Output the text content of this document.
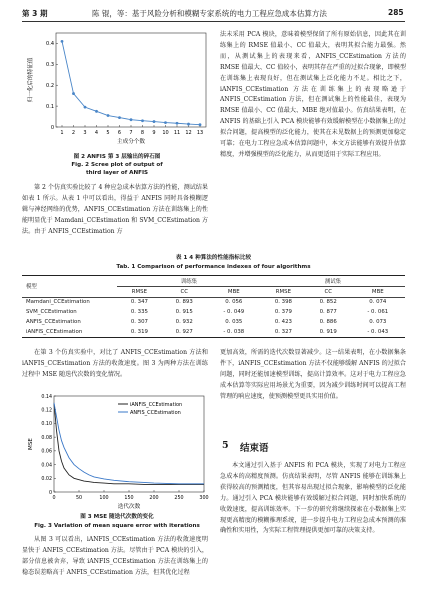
第 3 期	陈 锟，等：基于风险分析和模糊专家系统的电力工程应急成本估算方法	285
0
0.1
0.2
0.3
0.4
1 2 3 4 5 6 7 8 9 10 11 12 13
主成分个数
归一化后的特征值
图 2 ANFIS 第 3 层输出的碎石图
Fig. 2 Scree plot of output of
third layer of ANFIS
第 2 个仿真实验比较了 4 种应急成本估算方法的性能，测试结果如表 1 所示。从表 1 中可以看出，得益于 ANFIS 同时具备模糊逻辑与神经网络的优势，ANFIS_CCEstimation 方法在训练集上的性能明显优于 Mamdani_CCEstimation 和 SVM_CCEstimation 方法。由于 ANFIS_CCEstimation 方
法未采用 PCA 模块，意味着模型保留了所有原始信息，因此其在训练集上的 RMSE 值最小、CC 值最大，表明其拟合能力最强。然而，从测试集上的表现来看，ANFIS_CCEstimation 方法的 RMSE 值最大、CC 值较小，表明其存在严重的过拟合现象，即模型在训练集上表现良好，但在测试集上泛化能力不足。相比之下，iANFIS_CCEstimation 方法在训练集上的表现略逊于 ANFIS_CCEstimation 方法，但在测试集上的性能最佳，表现为 RMSE 值最小、CC 值最大、MBE 绝对值最小。仿真结果表明，在 ANFIS 的基础上引入 PCA 模块能够有效缓解模型在小数据集上的过拟合问题，提高模型的泛化能力，使其在未见数据上的预测更加稳定可靠；在电力工程应急成本估算问题中，本文方法能够有效提升估算精度，并增强模型的泛化能力，从而更适用于实际工程应用。
表 1 4 种算法的性能指标比较
Tab. 1 Comparison of performance indexes of four algorithms
模型	训练集			测试集		
	RMSE	CC	MBE	RMSE	CC	MBE
Mamdani_CCEstimation	0. 347	0. 893	0. 056	0. 398	0. 852	0. 074
SVM_CCEstimation	0. 335	0. 915	- 0. 049	0. 379	0. 877	- 0. 061
ANFIS_CCEstimation	0. 307	0. 932	0. 035	0. 423	0. 886	0. 073
iANFIS_CCEstimation	0. 319	0. 927	- 0. 038	0. 327	0. 919	- 0. 043
在第 3 个仿真实验中，对比了 ANFIS_CCEstimation 方法和 iANFIS_CCEstimation 方法的收敛速度。图 3 为两种方法在训练过程中 MSE 随迭代次数的变化情况。
0
0.02
0.04
0.06
0.08
0.10
0.12
0.14
0	50	100	150	200	250	300
迭代次数
MSE
iANFIS_CCEstimation
ANFIS_CCEstimation
图 3 MSE 随迭代次数的变化
Fig. 3 Variation of mean square error with iterations
从图 3 可以看出，iANFIS_CCEstimation 方法的收敛速度明显快于 ANFIS_CCEstimation 方法。尽管由于 PCA 模块的引入，部分信息被舍弃，导致 iANFIS_CCEstimation 方法在训练集上的稳态误差略高于 ANFIS_CCEstimation 方法，但其优化过程
更加高效，所需的迭代次数显著减少。这一结果表明，在小数据集条件下，iANFIS_CCEstimation 方法不仅能够缓解 ANFIS 的过拟合问题，同时还能加速模型训练，提高计算效率。这对于电力工程应急成本估算等实际应用场景尤为重要，因为减少训练时间可以提高工程管理的响应速度，使预测模型更具实用价值。
5 结束语
本文通过引入基于 ANFIS 和 PCA 模块，实现了对电力工程应急成本的高精度预测。仿真结果表明，尽管 ANFIS 能够在训练集上获得较高的预测精度，但其容易出现过拟合现象，影响模型的泛化能力。通过引入 PCA 模块能够有效缓解过拟合问题，同时加快系统的收敛速度，提高训练效率。下一步的研究将继续探索在小数据集上实现更高精度的模糊推理系统，进一步提升电力工程应急成本预测的准确性和实用性，为实际工程管理提供更加可靠的决策支持。
